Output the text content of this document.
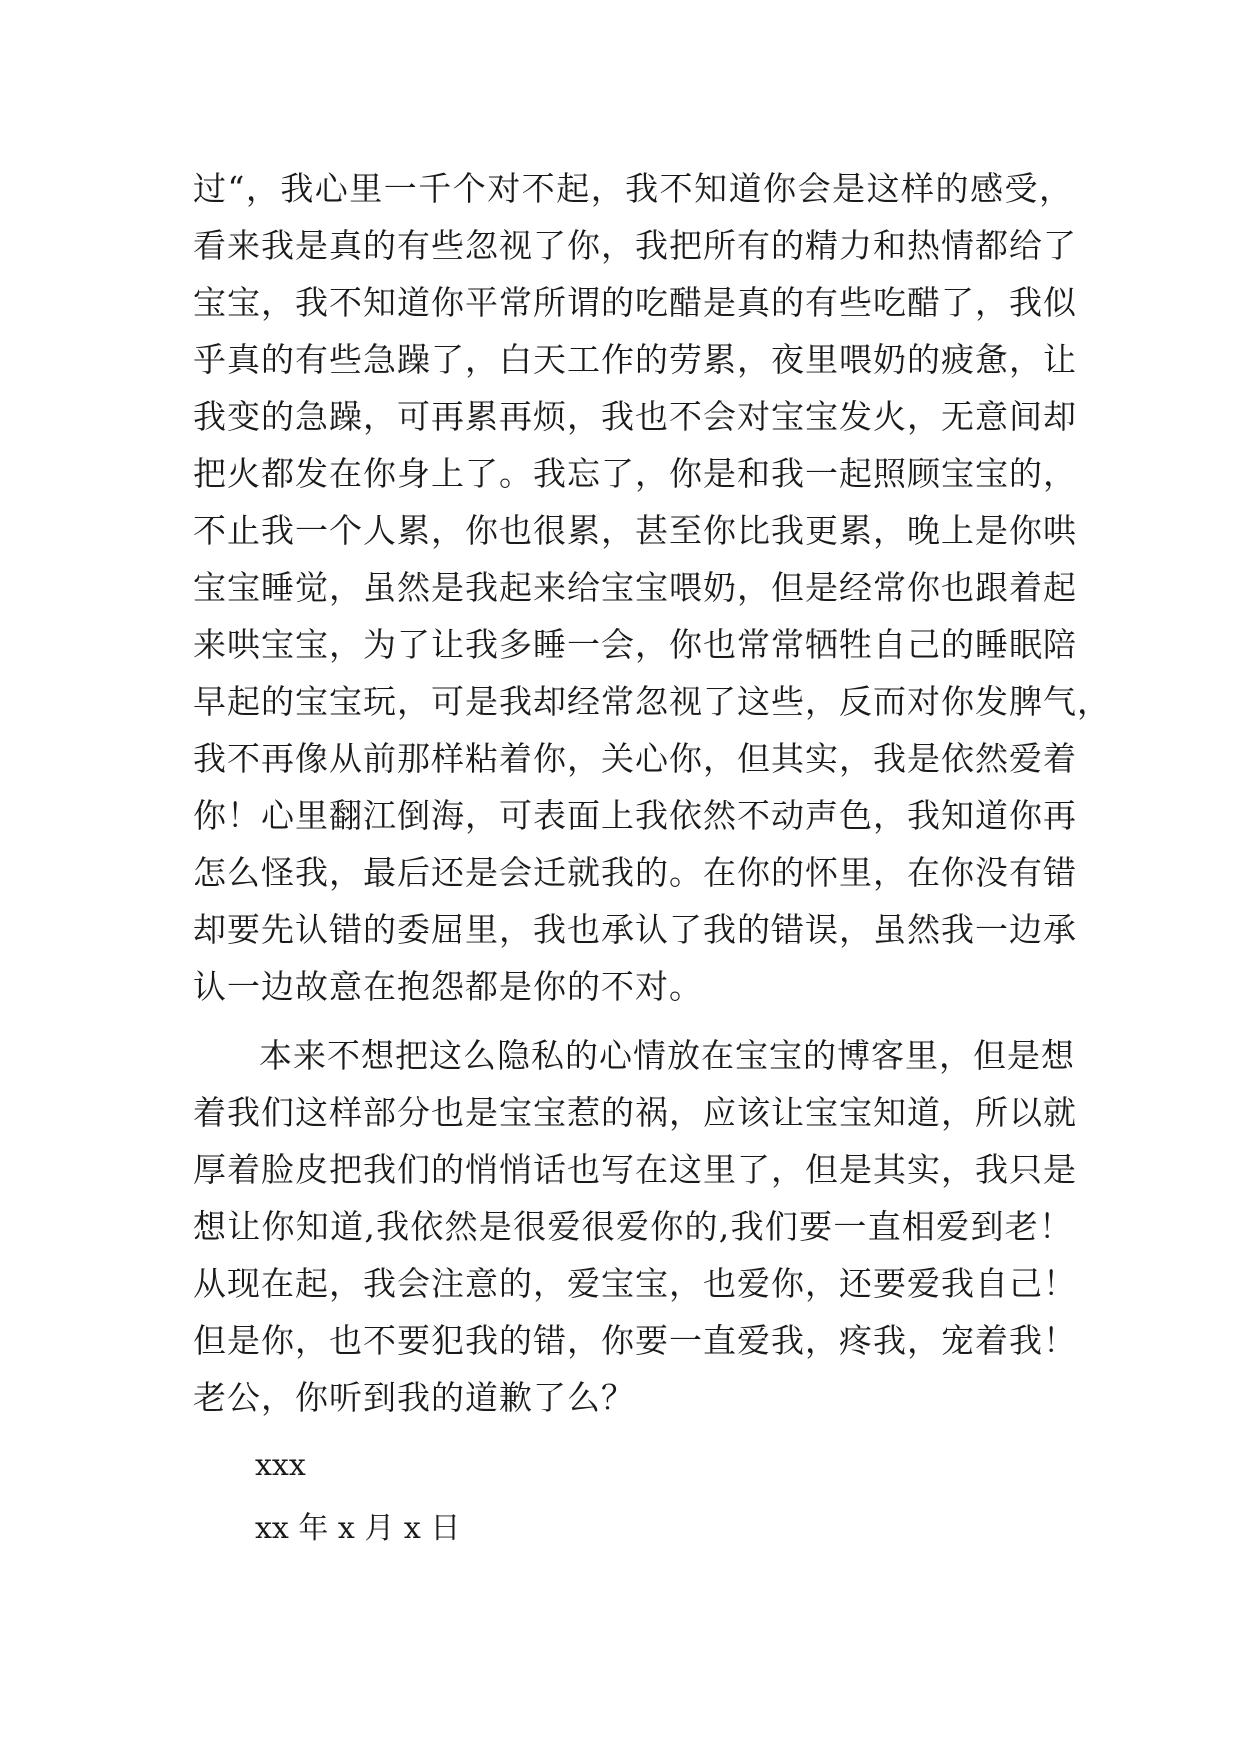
过“，我心里一千个对不起，我不知道你会是这样的感受，
看来我是真的有些忽视了你，我把所有的精力和热情都给了
宝宝，我不知道你平常所谓的吃醋是真的有些吃醋了，我似
乎真的有些急躁了，白天工作的劳累，夜里喂奶的疲惫，让
我变的急躁，可再累再烦，我也不会对宝宝发火，无意间却
把火都发在你身上了。我忘了，你是和我一起照顾宝宝的，
不止我一个人累，你也很累，甚至你比我更累，晚上是你哄
宝宝睡觉，虽然是我起来给宝宝喂奶，但是经常你也跟着起
来哄宝宝，为了让我多睡一会，你也常常牺牲自己的睡眠陪
早起的宝宝玩，可是我却经常忽视了这些，反而对你发脾气，
我不再像从前那样粘着你，关心你，但其实，我是依然爱着
你！心里翻江倒海，可表面上我依然不动声色，我知道你再
怎么怪我，最后还是会迁就我的。在你的怀里，在你没有错
却要先认错的委屈里，我也承认了我的错误，虽然我一边承
认一边故意在抱怨都是你的不对。
本来不想把这么隐私的心情放在宝宝的博客里，但是想
着我们这样部分也是宝宝惹的祸，应该让宝宝知道，所以就
厚着脸皮把我们的悄悄话也写在这里了，但是其实，我只是
想让你知道,我依然是很爱很爱你的,我们要一直相爱到老！
从现在起，我会注意的，爱宝宝，也爱你，还要爱我自己！
但是你，也不要犯我的错，你要一直爱我，疼我，宠着我！
老公，你听到我的道歉了么？
xxx
xx 年 x 月 x 日
